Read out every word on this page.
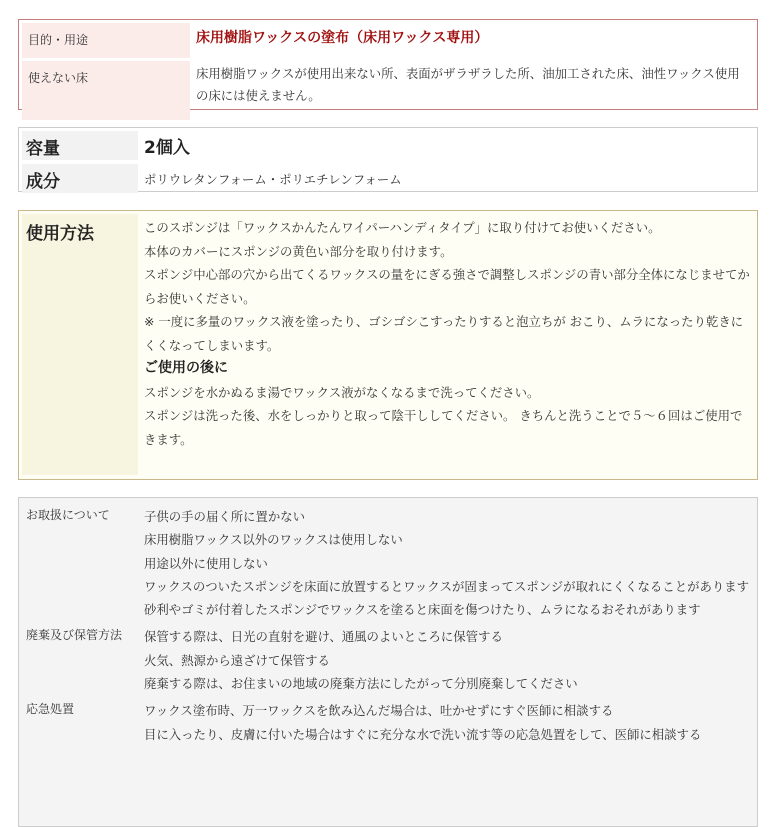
目的・用途	床用樹脂ワックスの塗布（床用ワックス専用）
使えない床	床用樹脂ワックスが使用出来ない所、表面がザラザラした所、油加工された床、油性ワックス使用の床には使えません。
容量	2個入
成分	ポリウレタンフォーム・ポリエチレンフォーム
使用方法	このスポンジは「ワックスかんたんワイパーハンディタイプ」に取り付けてお使いください。
本体のカバーにスポンジの黄色い部分を取り付けます。
スポンジ中心部の穴から出てくるワックスの量をにぎる強さで調整しスポンジの青い部分全体になじませてからお使いください。
※ 一度に多量のワックス液を塗ったり、ゴシゴシこすったりすると泡立ちが おこり、ムラになったり乾きにくくなってしまいます。
ご使用の後に
スポンジを水かぬるま湯でワックス液がなくなるまで洗ってください。
スポンジは洗った後、水をしっかりと取って陰干ししてください。 きちんと洗うことで５～６回はご使用できます。
お取扱について	子供の手の届く所に置かない
床用樹脂ワックス以外のワックスは使用しない
用途以外に使用しない
ワックスのついたスポンジを床面に放置するとワックスが固まってスポンジが取れにくくなることがあります
砂利やゴミが付着したスポンジでワックスを塗ると床面を傷つけたり、ムラになるおそれがあります

廃棄及び保管方法	保管する際は、日光の直射を避け、通風のよいところに保管する
火気、熱源から遠ざけて保管する
廃棄する際は、お住まいの地域の廃棄方法にしたがって分別廃棄してください

応急処置	ワックス塗布時、万一ワックスを飲み込んだ場合は、吐かせずにすぐ医師に相談する
目に入ったり、皮膚に付いた場合はすぐに充分な水で洗い流す等の応急処置をして、医師に相談する
